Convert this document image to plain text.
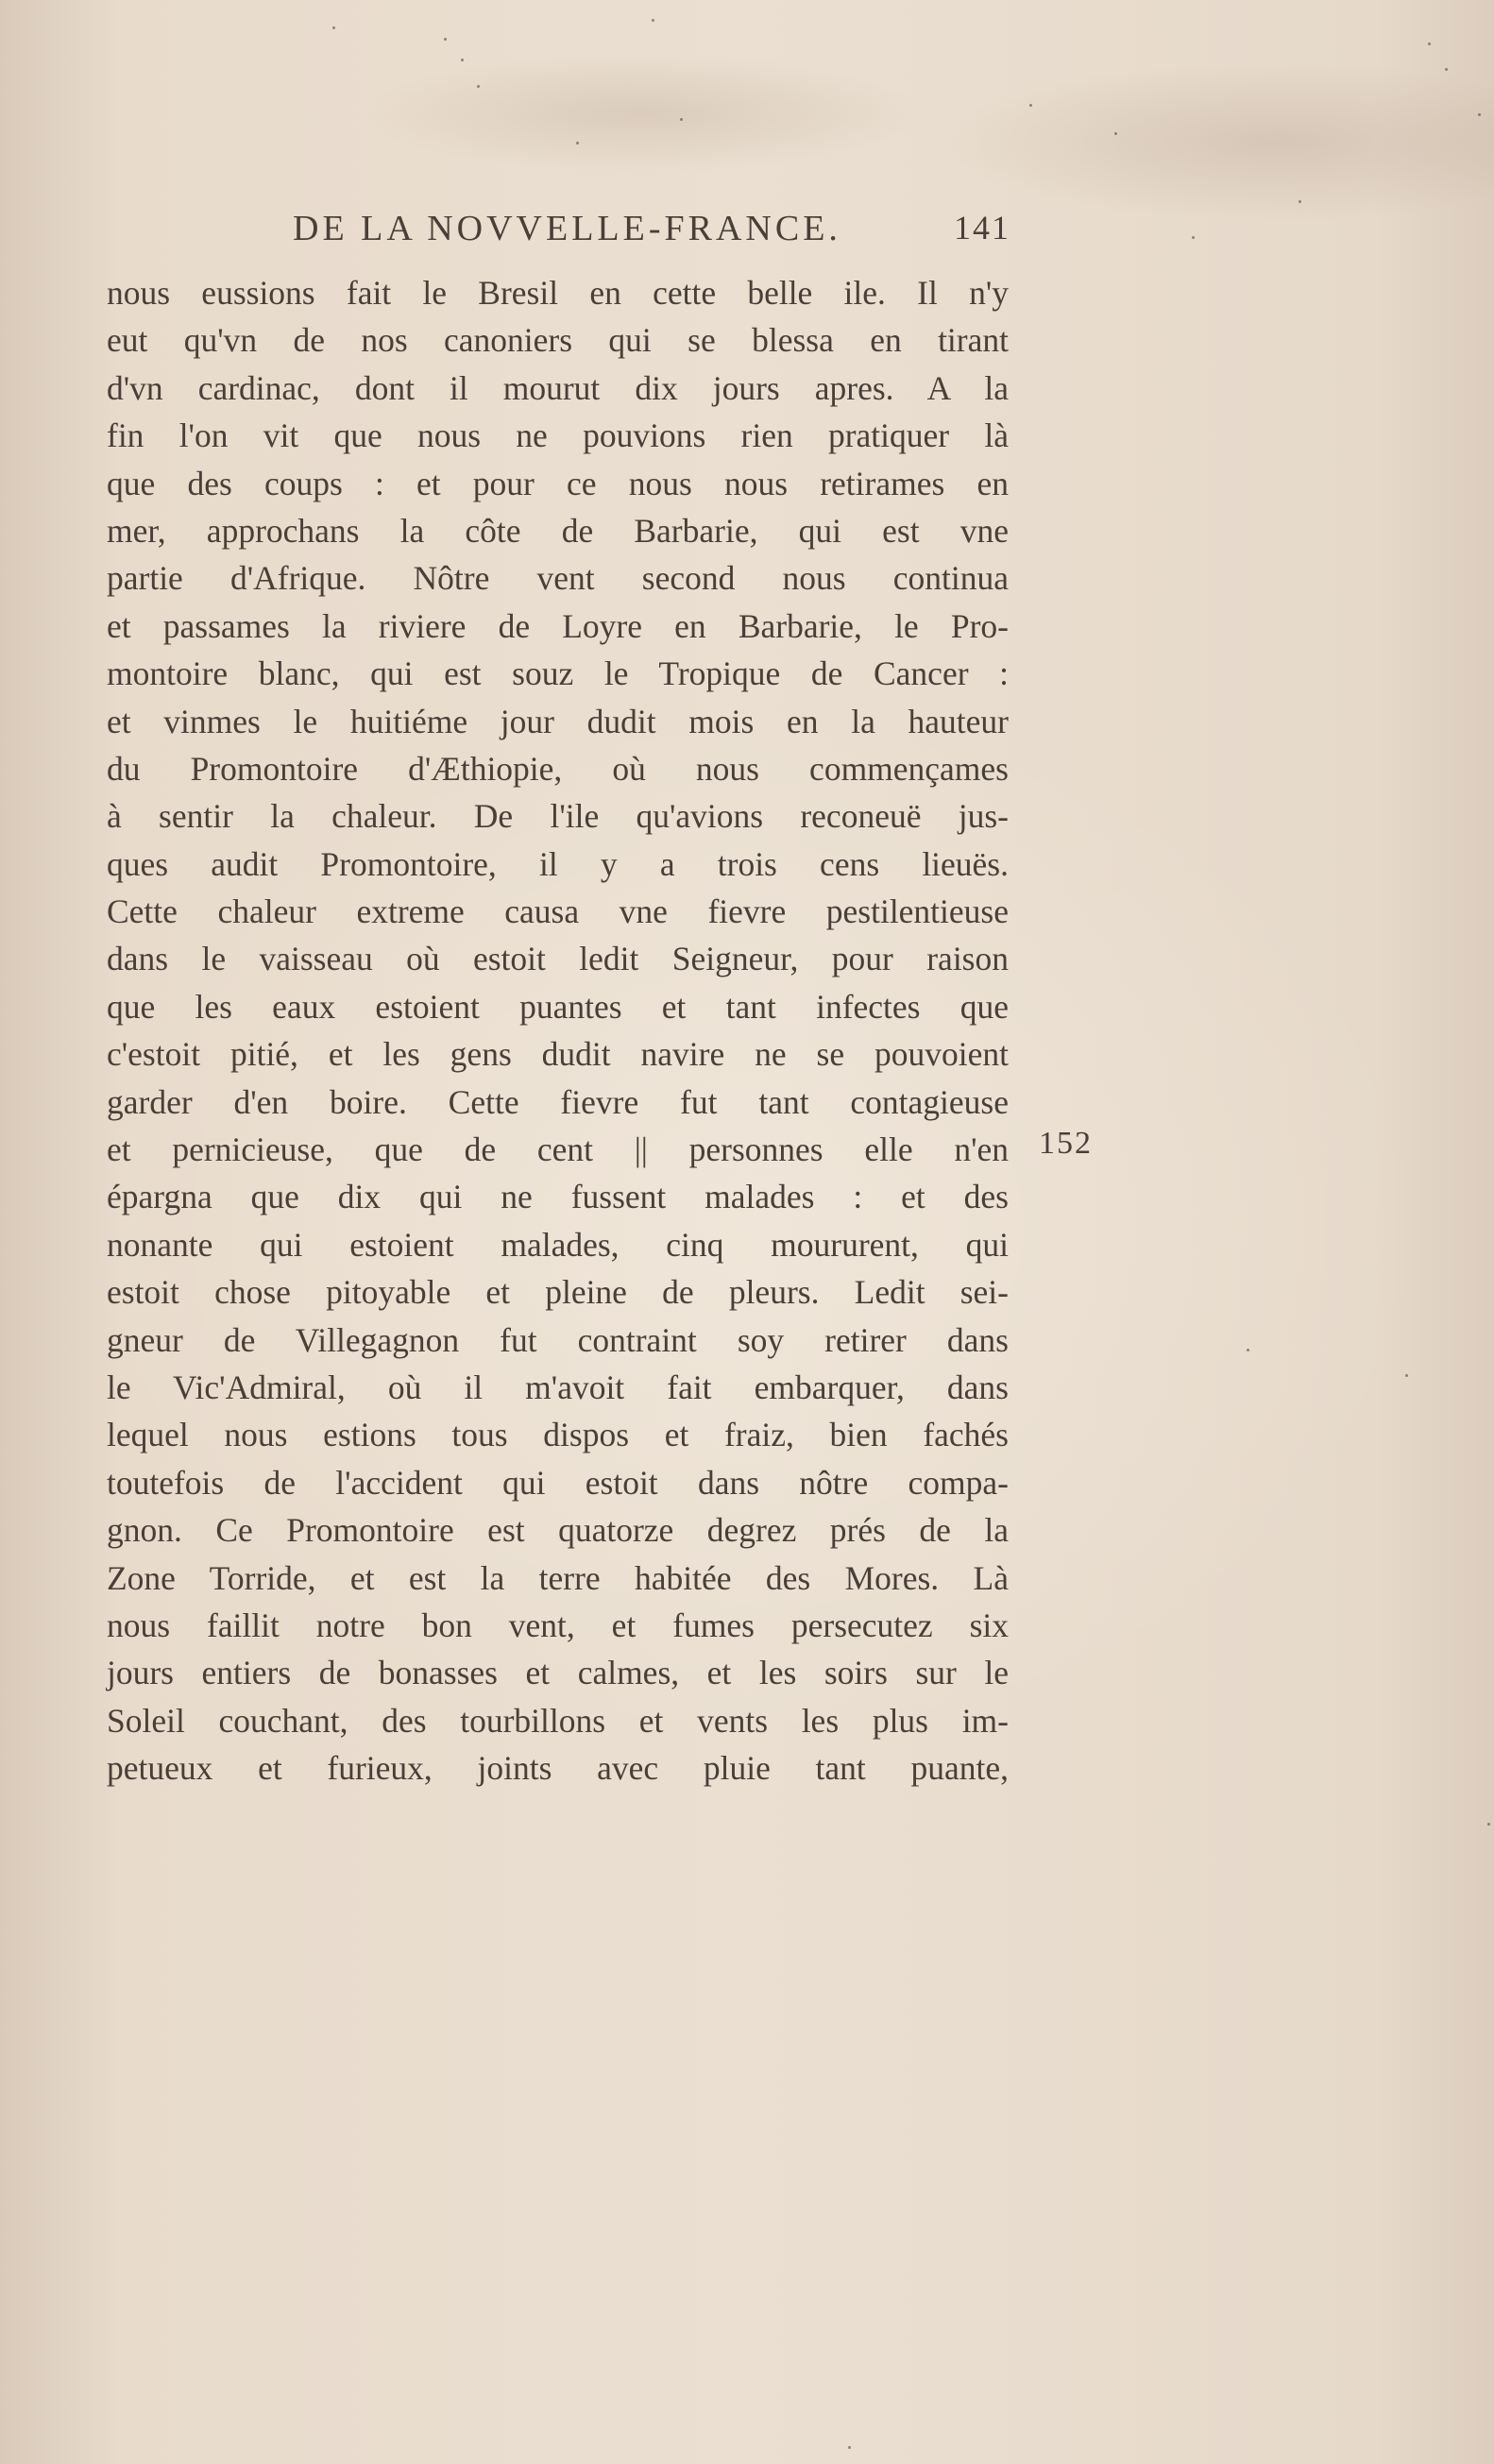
DE LA NOVVELLE-FRANCE.	141
nous eussions fait le Bresil en cette belle ile. Il n'y
eut qu'vn de nos canoniers qui se blessa en tirant
d'vn cardinac, dont il mourut dix jours apres. A la
fin l'on vit que nous ne pouvions rien pratiquer là
que des coups : et pour ce nous nous retirames en
mer, approchans la côte de Barbarie, qui est vne
partie d'Afrique. Nôtre vent second nous continua
et passames la riviere de Loyre en Barbarie, le Pro-
montoire blanc, qui est souz le Tropique de Cancer :
et vinmes le huitiéme jour dudit mois en la hauteur
du Promontoire d'Æthiopie, où nous commençames
à sentir la chaleur. De l'ile qu'avions reconeuë jus-
ques audit Promontoire, il y a trois cens lieuës.
Cette chaleur extreme causa vne fievre pestilentieuse
dans le vaisseau où estoit ledit Seigneur, pour raison
que les eaux estoient puantes et tant infectes que
c'estoit pitié, et les gens dudit navire ne se pouvoient
garder d'en boire. Cette fievre fut tant contagieuse
et pernicieuse, que de cent || personnes elle n'en
épargna que dix qui ne fussent malades : et des
nonante qui estoient malades, cinq moururent, qui
estoit chose pitoyable et pleine de pleurs. Ledit sei-
gneur de Villegagnon fut contraint soy retirer dans
le Vic'Admiral, où il m'avoit fait embarquer, dans
lequel nous estions tous dispos et fraiz, bien fachés
toutefois de l'accident qui estoit dans nôtre compa-
gnon. Ce Promontoire est quatorze degrez prés de la
Zone Torride, et est la terre habitée des Mores. Là
nous faillit notre bon vent, et fumes persecutez six
jours entiers de bonasses et calmes, et les soirs sur le
Soleil couchant, des tourbillons et vents les plus im-
petueux et furieux, joints avec pluie tant puante,
152
